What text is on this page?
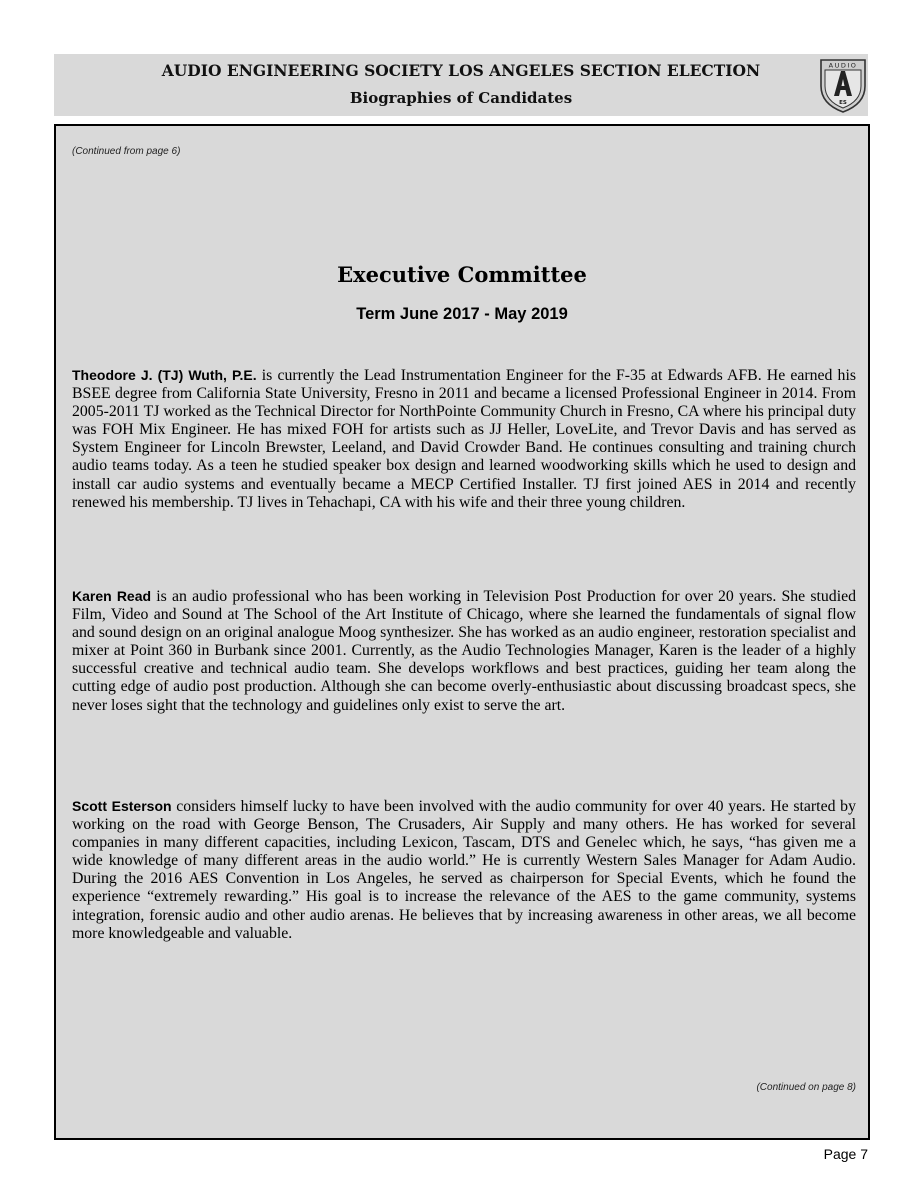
AUDIO ENGINEERING SOCIETY LOS ANGELES SECTION ELECTION
Biographies of Candidates
AUDIO
ES
(Continued from page 6)
Executive Committee
Term June 2017 - May 2019

Theodore J. (TJ) Wuth, P.E. is currently the Lead Instrumentation Engineer for the F-35 at Edwards AFB. He earned his BSEE degree from California State University, Fresno in 2011 and became a licensed Professional Engineer in 2014. From 2005-2011 TJ worked as the Technical Director for NorthPointe Community Church in Fresno, CA where his principal duty was FOH Mix Engineer. He has mixed FOH for artists such as JJ Heller, LoveLite, and Trevor Davis and has served as System Engineer for Lincoln Brewster, Leeland, and David Crowder Band. He continues consulting and training church audio teams today. As a teen he studied speaker box design and learned woodworking skills which he used to design and install car audio systems and eventually became a MECP Certified Installer. TJ first joined AES in 2014 and recently renewed his membership. TJ lives in Tehachapi, CA with his wife and their three young children.

Karen Read is an audio professional who has been working in Television Post Production for over 20 years. She studied Film, Video and Sound at The School of the Art Institute of Chicago, where she learned the fundamentals of signal flow and sound design on an original analogue Moog synthesizer. She has worked as an audio engineer, restoration specialist and mixer at Point 360 in Burbank since 2001. Currently, as the Audio Technologies Manager, Karen is the leader of a highly successful creative and technical audio team. She develops workflows and best practices, guiding her team along the cutting edge of audio post production. Although she can become overly-enthusiastic about discussing broadcast specs, she never loses sight that the technology and guidelines only exist to serve the art.

Scott Esterson considers himself lucky to have been involved with the audio community for over 40 years. He started by working on the road with George Benson, The Crusaders, Air Supply and many others. He has worked for several companies in many different capacities, including Lexicon, Tascam, DTS and Genelec which, he says, “has given me a wide knowledge of many different areas in the audio world.” He is currently Western Sales Manager for Adam Audio. During the 2016 AES Convention in Los Angeles, he served as chairperson for Special Events, which he found the experience “extremely rewarding.” His goal is to increase the relevance of the AES to the game community, systems integration, forensic audio and other audio arenas. He believes that by increasing awareness in other areas, we all become more knowledgeable and valuable.

(Continued on page 8)
Page 7
